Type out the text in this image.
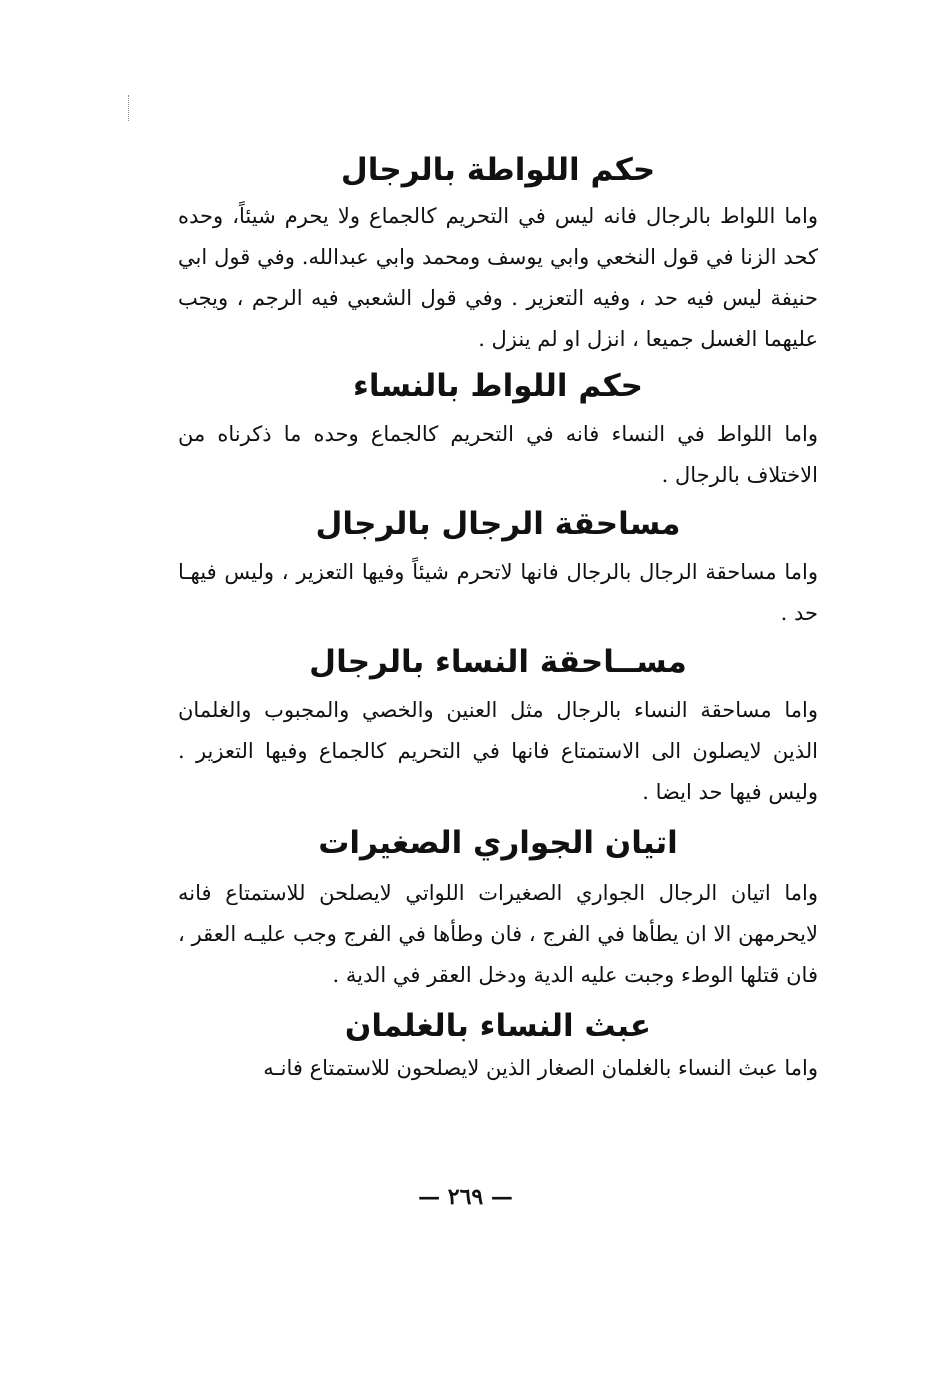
حكم اللواطة بالرجال

واما اللواط بالرجال فانه ليس في التحريم كالجماع ولا يحرم شيئاً، وحده كحد الزنا في قول النخعي وابي يوسف ومحمد وابي عبدالله. وفي قول ابي حنيفة ليس فيه حد ، وفيه التعزير . وفي قول الشعبي فيه الرجم ، ويجب عليهما الغسل جميعا ، انزل او لم ينزل .

حكم اللواط بالنساء

واما اللواط في النساء فانه في التحريم كالجماع وحده ما ذكرناه من الاختلاف بالرجال .

مساحقة الرجال بالرجال

واما مساحقة الرجال بالرجال فانها لاتحرم شيئاً وفيها التعزير ، وليس فيهـا حد .

مســاحقة النساء بالرجال

واما مساحقة النساء بالرجال مثل العنين والخصي والمجبوب والغلمان الذين لايصلون الى الاستمتاع فانها في التحريم كالجماع وفيها التعزير . وليس فيها حد ايضا .

اتيان الجواري الصغيرات

واما اتيان الرجال الجواري الصغيرات اللواتي لايصلحن للاستمتاع فانه لايحرمهن الا ان يطأها في الفرج ، فان وطأها في الفرج وجب عليـه العقر ، فان قتلها الوطء وجبت عليه الدية ودخل العقر في الدية .

عبث النساء بالغلمان

واما عبث النساء بالغلمان الصغار الذين لايصلحون للاستمتاع فانـه

— ٢٦٩ —
